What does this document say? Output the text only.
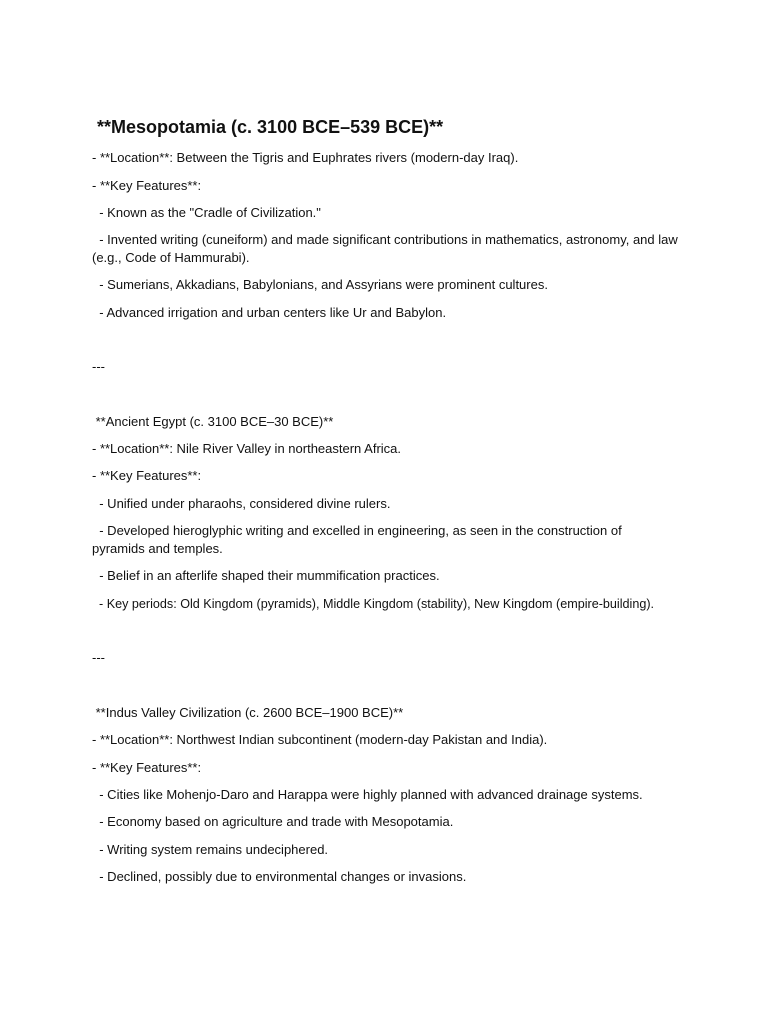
**Mesopotamia (c. 3100 BCE–539 BCE)**
- **Location**: Between the Tigris and Euphrates rivers (modern-day Iraq).
- **Key Features**:
- Known as the "Cradle of Civilization."
- Invented writing (cuneiform) and made significant contributions in mathematics, astronomy, and law (e.g., Code of Hammurabi).
- Sumerians, Akkadians, Babylonians, and Assyrians were prominent cultures.
- Advanced irrigation and urban centers like Ur and Babylon.
---
**Ancient Egypt (c. 3100 BCE–30 BCE)**
- **Location**: Nile River Valley in northeastern Africa.
- **Key Features**:
- Unified under pharaohs, considered divine rulers.
- Developed hieroglyphic writing and excelled in engineering, as seen in the construction of pyramids and temples.
- Belief in an afterlife shaped their mummification practices.
- Key periods: Old Kingdom (pyramids), Middle Kingdom (stability), New Kingdom (empire-building).
---
**Indus Valley Civilization (c. 2600 BCE–1900 BCE)**
- **Location**: Northwest Indian subcontinent (modern-day Pakistan and India).
- **Key Features**:
- Cities like Mohenjo-Daro and Harappa were highly planned with advanced drainage systems.
- Economy based on agriculture and trade with Mesopotamia.
- Writing system remains undeciphered.
- Declined, possibly due to environmental changes or invasions.
